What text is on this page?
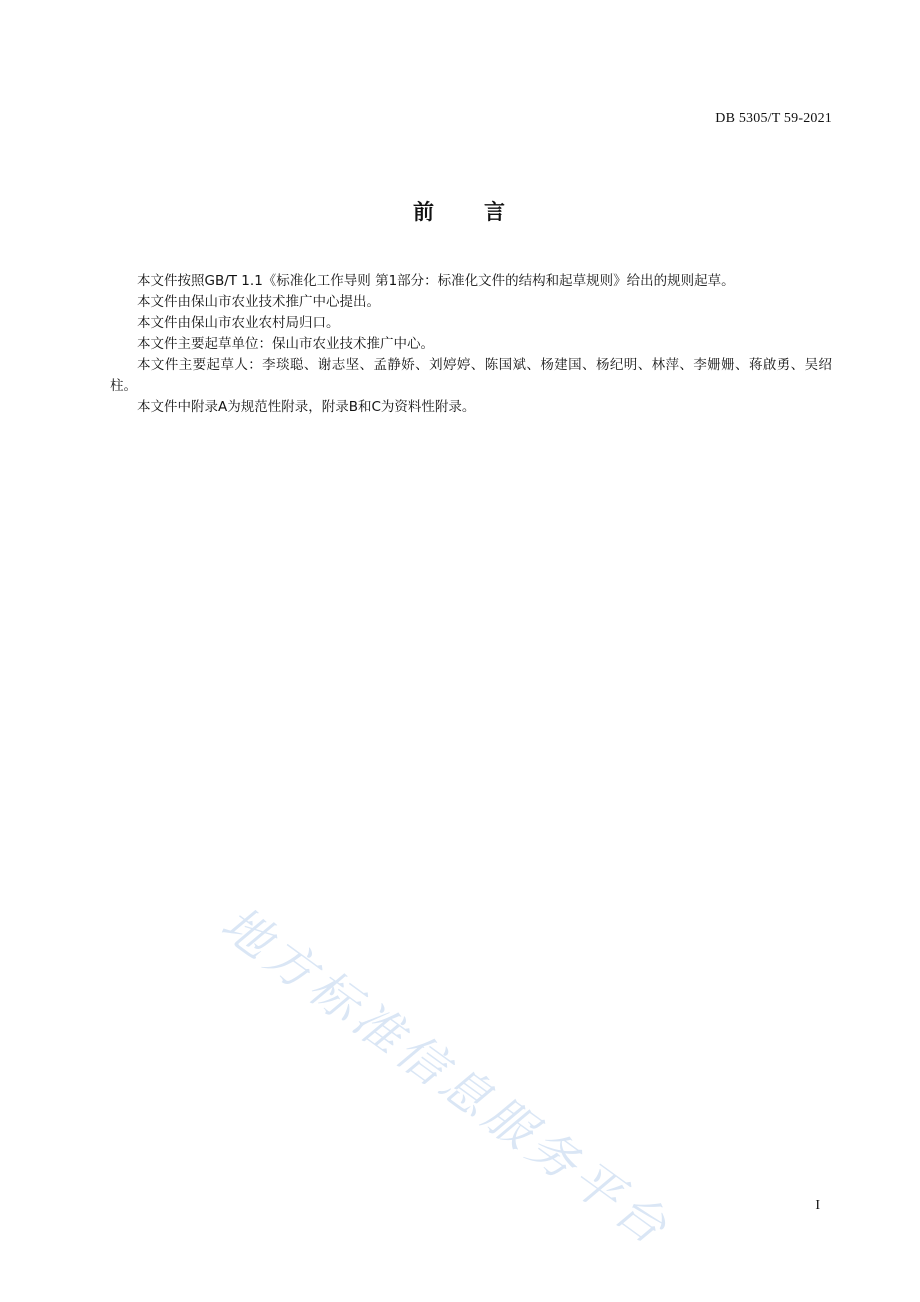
DB 5305/T 59-2021
前 言

本文件按照GB/T 1.1《标准化工作导则 第1部分：标准化文件的结构和起草规则》给出的规则起草。

本文件由保山市农业技术推广中心提出。

本文件由保山市农业农村局归口。

本文件主要起草单位：保山市农业技术推广中心。

本文件主要起草人：李琰聪、谢志坚、孟静娇、刘婷婷、陈国斌、杨建国、杨纪明、林萍、李姗姗、蒋啟勇、吴绍柱。

本文件中附录A为规范性附录，附录B和C为资料性附录。

地方标准信息服务平台	I
